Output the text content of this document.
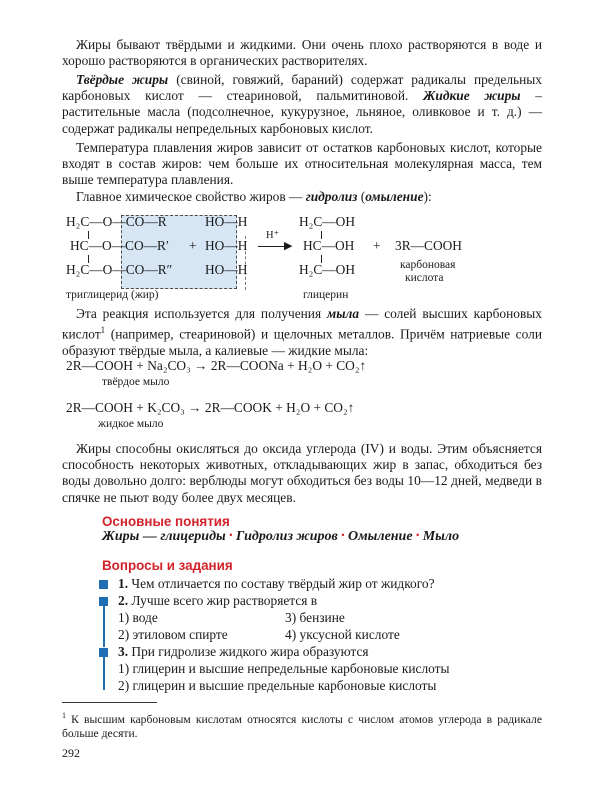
Жиры бывают твёрдыми и жидкими. Они очень плохо растворяются в воде и хорошо растворяются в органических растворителях.

Твёрдые жиры (свиной, говяжий, бараний) содержат радикалы предельных карбоновых кислот — стеариновой, пальмитиновой. Жидкие жиры – растительные масла (подсолнечное, кукурузное, льняное, оливковое и т. д.) — содержат радикалы непредельных карбоновых кислот.

Температура плавления жиров зависит от остатков карбоновых кислот, которые входят в состав жиров: чем больше их относительная молекулярная масса, тем выше температура плавления.

Главное химическое свойство жиров — гидролиз (омыление):

H₂C—O—CO—R
HC—O—CO—R′
H₂C—O—CO—R″
HO—H
+ HO—H
HO—H
H⁺
▶
H₂C—OH
HC—OH
H₂C—OH
+ 3R—COOH
карбоновая
кислота
триглицерид (жир)	глицерин

Эта реакция используется для получения мыла — солей высших карбоновых кислот$^1$ (например, стеариновой) и щелочных металлов. Причём натриевые соли образуют твёрдые мыла, а калиевые — жидкие мыла:

2R—COOH + Na₂CO₃ → 2R—COONa + H₂O + CO₂↑
твёрдое мыло
2R—COOH + K₂CO₃ → 2R—COOK + H₂O + CO₂↑
жидкое мыло

Жиры способны окисляться до оксида углерода (IV) и воды. Этим объясняется способность некоторых животных, откладывающих жир в запас, обходиться без воды довольно долго: верблюды могут обходиться без воды 10—12 дней, медведи в спячке не пьют воду более двух месяцев.

Основные понятия
Жиры — глицериды • Гидролиз жиров • Омыление • Мыло
Вопросы и задания
1. Чем отличается по составу твёрдый жир от жидкого?
2. Лучше всего жир растворяется в
1) воде	3) бензине
2) этиловом спирте	4) уксусной кислоте
3. При гидролизе жидкого жира образуются
1) глицерин и высшие непредельные карбоновые кислоты
2) глицерин и высшие предельные карбоновые кислоты
$^1$ К высшим карбоновым кислотам относятся кислоты с числом атомов углерода в радикале больше десяти.
292
